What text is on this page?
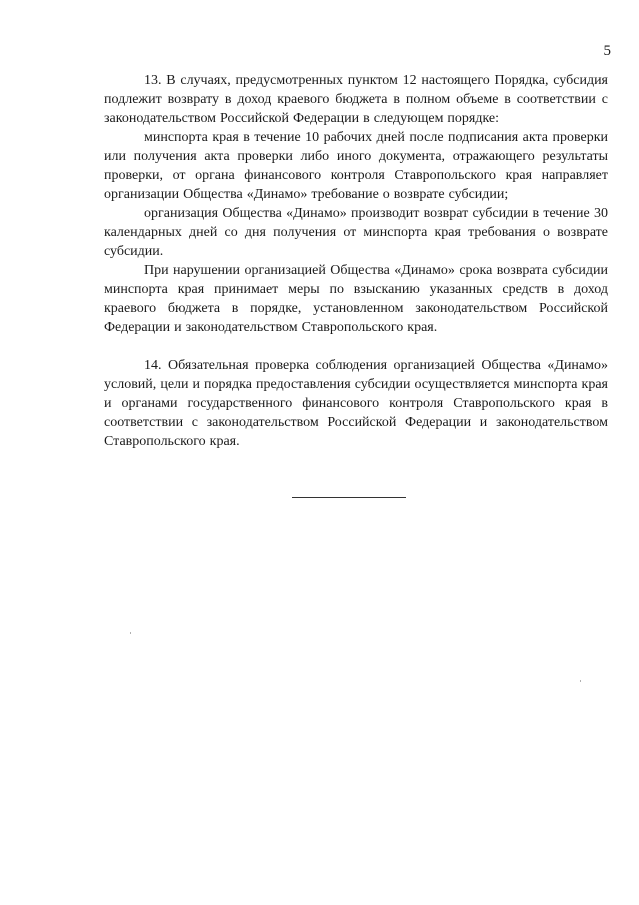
5

13. В случаях, предусмотренных пунктом 12 настоящего Порядка, субсидия подлежит возврату в доход краевого бюджета в полном объеме в соответствии с законодательством Российской Федерации в следующем порядке:

минспорта края в течение 10 рабочих дней после подписания акта проверки или получения акта проверки либо иного документа, отражающего результаты проверки, от органа финансового контроля Ставропольского края направляет организации Общества «Динамо» требование о возврате субсидии;

организация Общества «Динамо» производит возврат субсидии в течение 30 календарных дней со дня получения от минспорта края требования о возврате субсидии.

При нарушении организацией Общества «Динамо» срока возврата субсидии минспорта края принимает меры по взысканию указанных средств в доход краевого бюджета в порядке, установленном законодательством Российской Федерации и законодательством Ставропольского края.

14. Обязательная проверка соблюдения организацией Общества «Динамо» условий, цели и порядка предоставления субсидии осуществляется минспорта края и органами государственного финансового контроля Ставропольского края в соответствии с законодательством Российской Федерации и законодательством Ставропольского края.
